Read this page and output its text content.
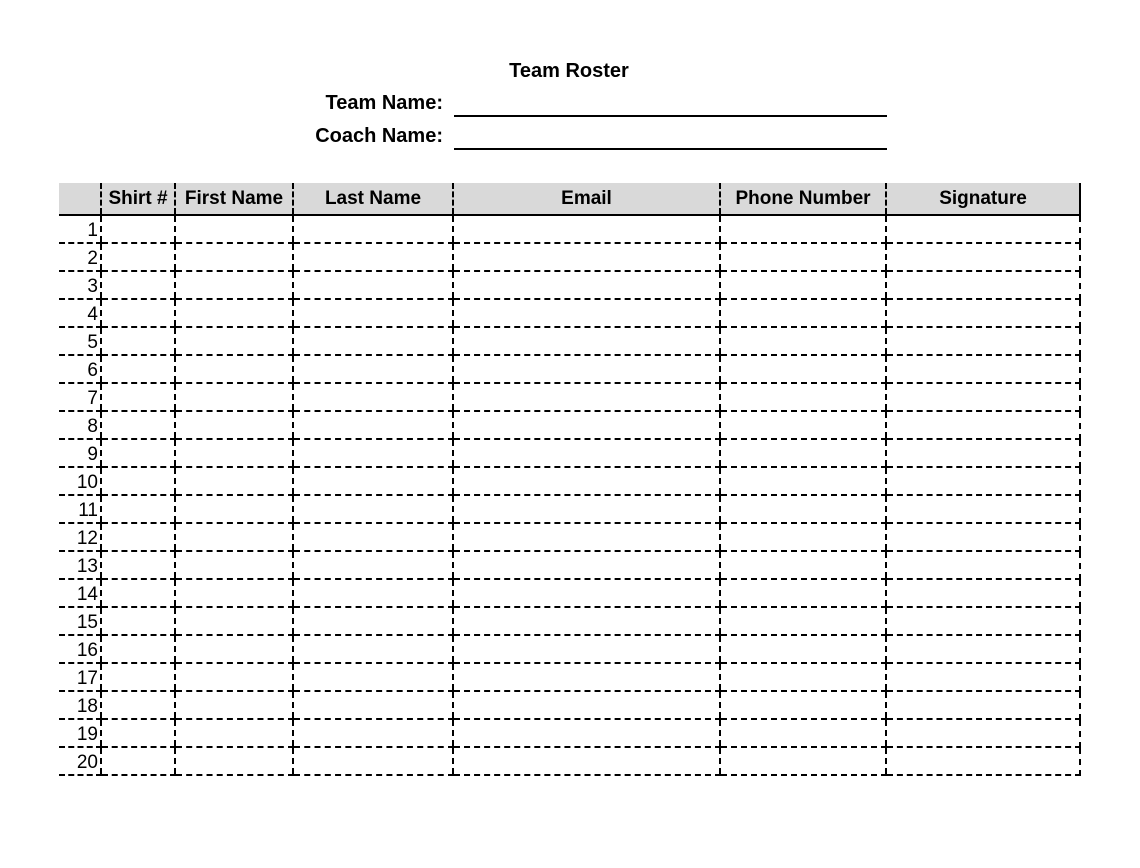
Team Roster
Team Name:
Coach Name:
	Shirt #	First Name	Last Name	Email	Phone Number	Signature
1						
2						
3						
4						
5						
6						
7						
8						
9						
10						
11						
12						
13						
14						
15						
16						
17						
18						
19						
20						
